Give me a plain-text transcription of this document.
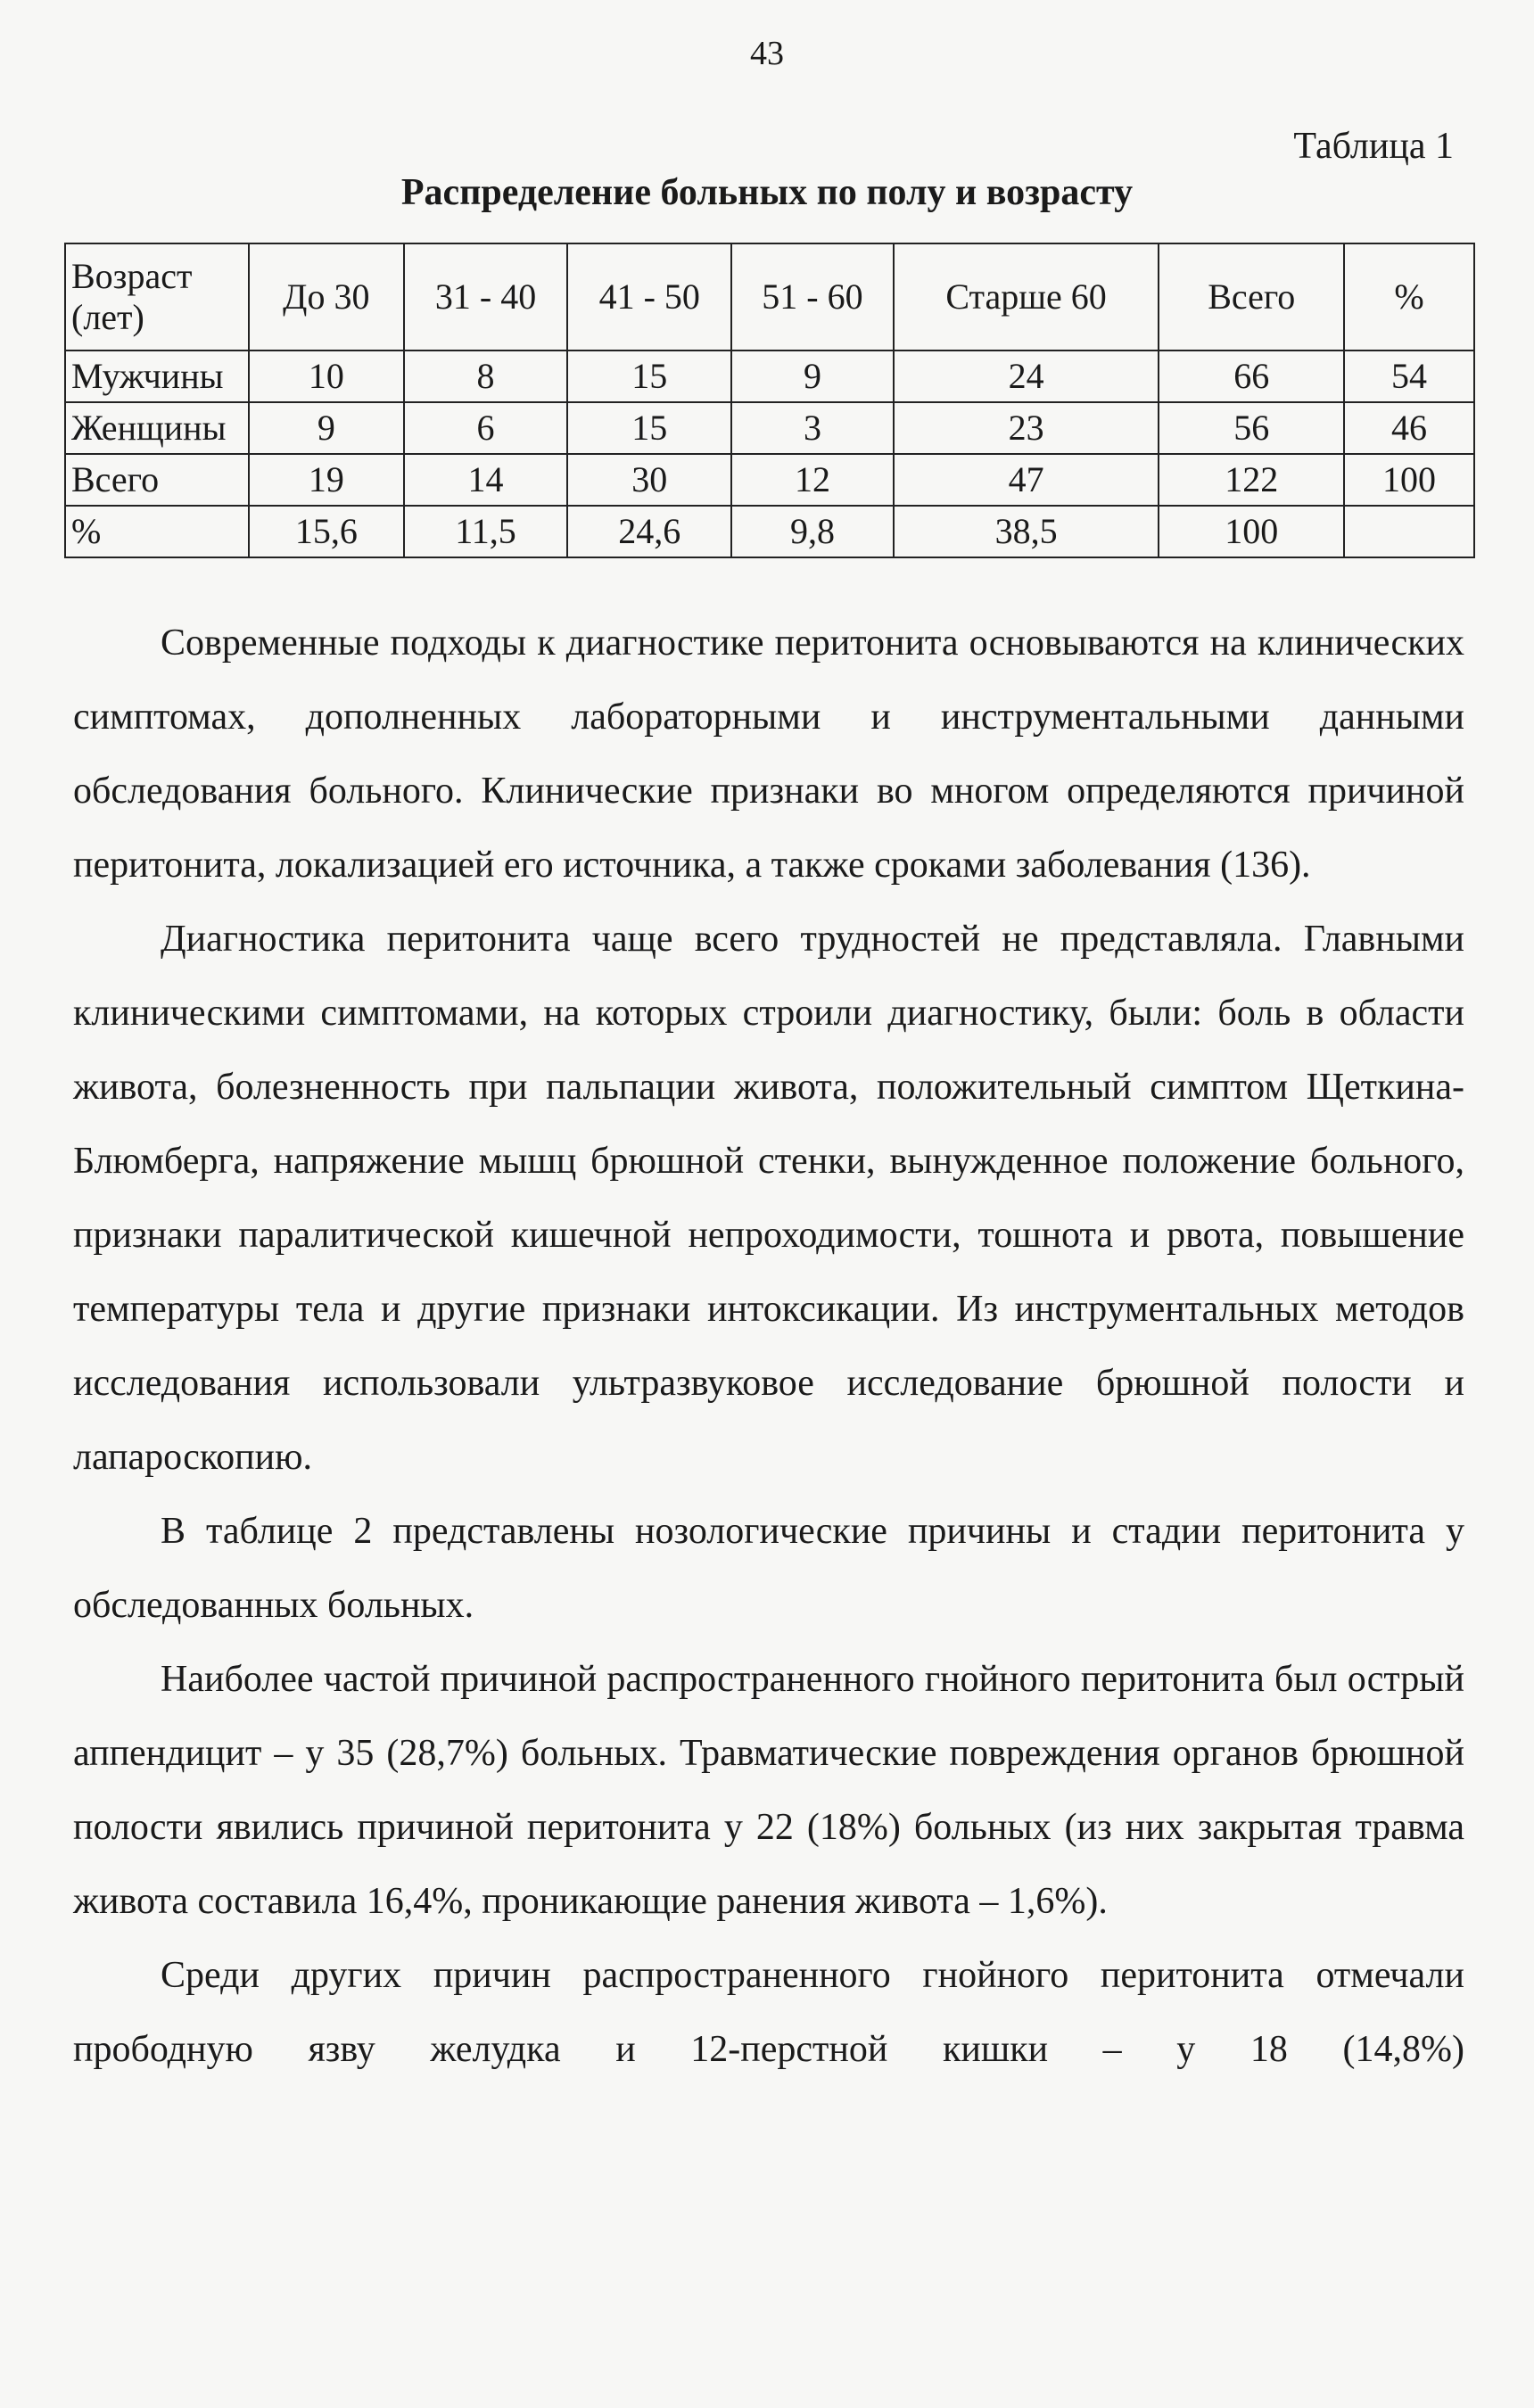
43
Таблица 1
Распределение больных по полу и возрасту
Возраст (лет)	До 30	31 - 40	41 - 50	51 - 60	Старше 60	Всего	%
Мужчины	10	8	15	9	24	66	54
Женщины	9	6	15	3	23	56	46
Всего	19	14	30	12	47	122	100
%	15,6	11,5	24,6	9,8	38,5	100	

Современные подходы к диагностике перитонита основываются на клинических симптомах, дополненных лабораторными и инструментальными данными обследования больного. Клинические признаки во многом определяются причиной перитонита, локализацией его источника, а также сроками заболевания (136).

Диагностика перитонита чаще всего трудностей не представляла. Главными клиническими симптомами, на которых строили диагностику, были: боль в области живота, болезненность при пальпации живота, положительный симптом Щеткина-Блюмберга, напряжение мышц брюшной стенки, вынужденное положение больного, признаки паралитической кишечной непроходимости, тошнота и рвота, повышение температуры тела и другие признаки интоксикации. Из инструментальных методов исследования использовали ультразвуковое исследование брюшной полости и лапароскопию.

В таблице 2 представлены нозологические причины и стадии перитонита у обследованных больных.

Наиболее частой причиной распространенного гнойного перитонита был острый аппендицит – у 35 (28,7%) больных. Травматические повреждения органов брюшной полости явились причиной перитонита у 22 (18%) больных (из них закрытая травма живота составила 16,4%, проникающие ранения живота – 1,6%).

Среди других причин распространенного гнойного перитонита отмечали прободную язву желудка и 12-перстной кишки – у 18 (14,8%)
